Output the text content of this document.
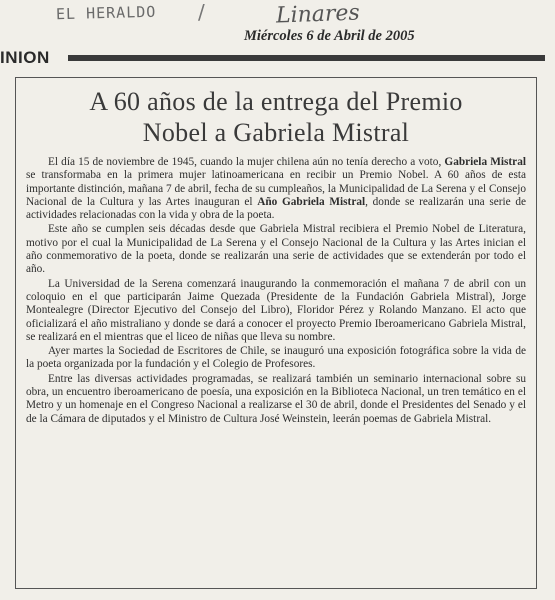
EL HERALDO /	Linares
Miércoles 6 de Abril de 2005
INION
A 60 años de la entrega del Premio
Nobel a Gabriela Mistral

El día 15 de noviembre de 1945, cuando la mujer chilena aún no tenía derecho a voto, Gabriela Mistral se transformaba en la primera mujer latinoamericana en recibir un Premio Nobel. A 60 años de esta importante distinción, mañana 7 de abril, fecha de su cumpleaños, la Municipalidad de La Serena y el Consejo Nacional de la Cultura y las Artes inauguran el Año Gabriela Mistral, donde se realizarán una serie de actividades relacionadas con la vida y obra de la poeta.

Este año se cumplen seis décadas desde que Gabriela Mistral recibiera el Premio Nobel de Literatura, motivo por el cual la Municipalidad de La Serena y el Consejo Nacional de la Cultura y las Artes inician el año conmemorativo de la poeta, donde se realizarán una serie de actividades que se extenderán por todo el año.

La Universidad de la Serena comenzará inaugurando la conmemoración el mañana 7 de abril con un coloquio en el que participarán Jaime Quezada (Presidente de la Fundación Gabriela Mistral), Jorge Montealegre (Director Ejecutivo del Consejo del Libro), Floridor Pérez y Rolando Manzano. El acto que oficializará el año mistraliano y donde se dará a conocer el proyecto Premio Iberoamericano Gabriela Mistral, se realizará en el mientras que el liceo de niñas que lleva su nombre.

Ayer martes la Sociedad de Escritores de Chile, se inauguró una exposición fotográfica sobre la vida de la poeta organizada por la fundación y el Colegio de Profesores.

Entre las diversas actividades programadas, se realizará también un seminario internacional sobre su obra, un encuentro iberoamericano de poesía, una exposición en la Biblioteca Nacional, un tren temático en el Metro y un homenaje en el Congreso Nacional a realizarse el 30 de abril, donde el Presidentes del Senado y el de la Cámara de diputados y el Ministro de Cultura José Weinstein, leerán poemas de Gabriela Mistral.
